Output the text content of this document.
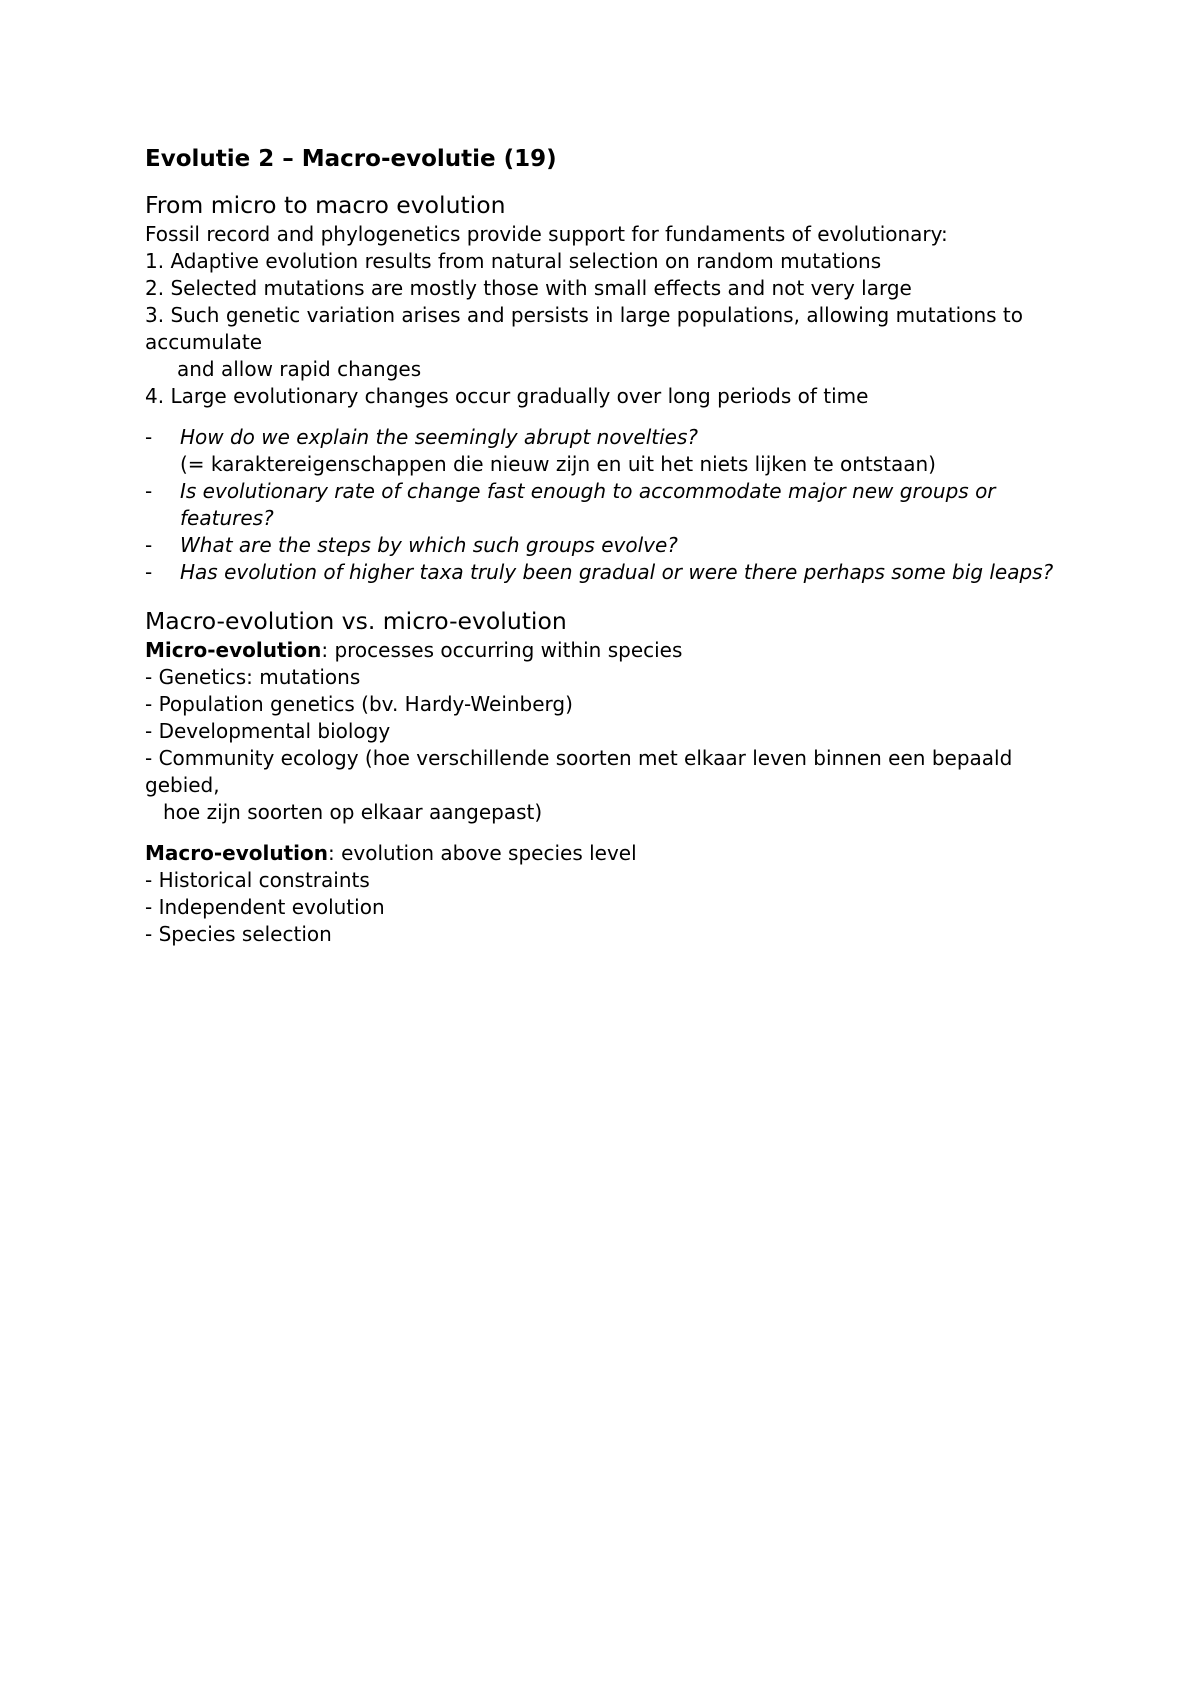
Evolutie 2 – Macro-evolutie (19)
From micro to macro evolution
Fossil record and phylogenetics provide support for fundaments of evolutionary:
1. Adaptive evolution results from natural selection on random mutations
2. Selected mutations are mostly those with small effects and not very large
3. Such genetic variation arises and persists in large populations, allowing mutations to accumulate
and allow rapid changes
4. Large evolutionary changes occur gradually over long periods of time
-	How do we explain the seemingly abrupt novelties?
(= karaktereigenschappen die nieuw zijn en uit het niets lijken te ontstaan)
-	Is evolutionary rate of change fast enough to accommodate major new groups or features?
-	What are the steps by which such groups evolve?
-	Has evolution of higher taxa truly been gradual or were there perhaps some big leaps?
Macro-evolution vs. micro-evolution
Micro-evolution: processes occurring within species
- Genetics: mutations
- Population genetics (bv. Hardy-Weinberg)
- Developmental biology
- Community ecology (hoe verschillende soorten met elkaar leven binnen een bepaald gebied,
hoe zijn soorten op elkaar aangepast)
Macro-evolution: evolution above species level
- Historical constraints
- Independent evolution
- Species selection
